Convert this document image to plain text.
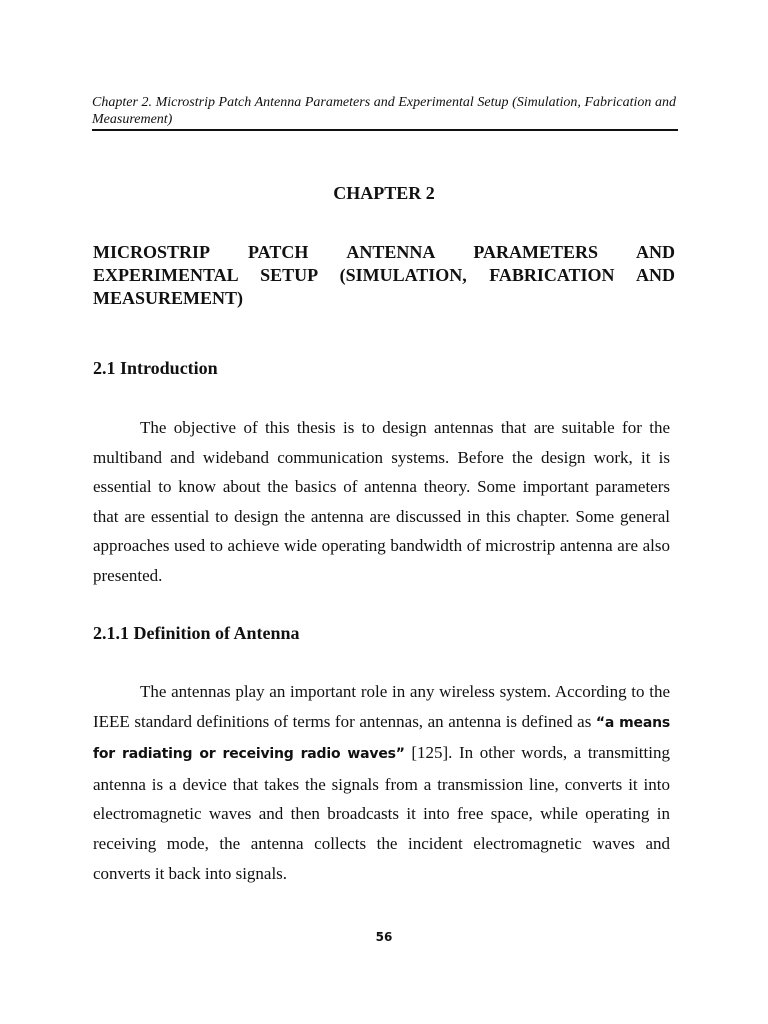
Chapter 2. Microstrip Patch Antenna Parameters and Experimental Setup (Simulation, Fabrication and Measurement)
CHAPTER 2
MICROSTRIP PATCH ANTENNA PARAMETERS AND EXPERIMENTAL SETUP (SIMULATION, FABRICATION AND MEASUREMENT)
2.1 Introduction

The objective of this thesis is to design antennas that are suitable for the multiband and wideband communication systems. Before the design work, it is essential to know about the basics of antenna theory. Some important parameters that are essential to design the antenna are discussed in this chapter. Some general approaches used to achieve wide operating bandwidth of microstrip antenna are also presented.

2.1.1 Definition of Antenna

The antennas play an important role in any wireless system. According to the IEEE standard definitions of terms for antennas, an antenna is defined as “a means for radiating or receiving radio waves” [125]. In other words, a transmitting antenna is a device that takes the signals from a transmission line, converts it into electromagnetic waves and then broadcasts it into free space, while operating in receiving mode, the antenna collects the incident electromagnetic waves and converts it back into signals.

56
